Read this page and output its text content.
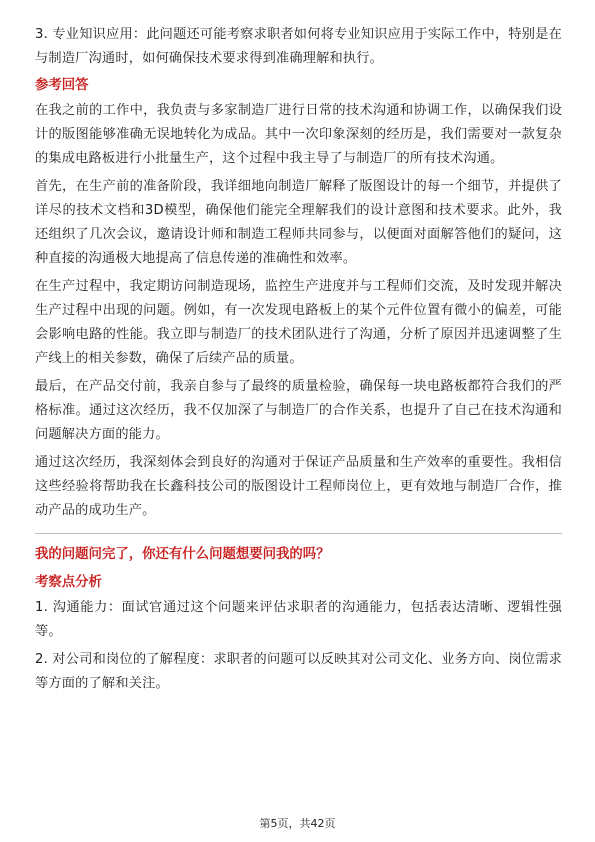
3. 专业知识应用：此问题还可能考察求职者如何将专业知识应用于实际工作中，特别是在与制造厂沟通时，如何确保技术要求得到准确理解和执行。

参考回答

在我之前的工作中，我负责与多家制造厂进行日常的技术沟通和协调工作，以确保我们设计的版图能够准确无误地转化为成品。其中一次印象深刻的经历是，我们需要对一款复杂的集成电路板进行小批量生产，这个过程中我主导了与制造厂的所有技术沟通。

首先，在生产前的准备阶段，我详细地向制造厂解释了版图设计的每一个细节，并提供了详尽的技术文档和3D模型，确保他们能完全理解我们的设计意图和技术要求。此外，我还组织了几次会议，邀请设计师和制造工程师共同参与，以便面对面解答他们的疑问，这种直接的沟通极大地提高了信息传递的准确性和效率。

在生产过程中，我定期访问制造现场，监控生产进度并与工程师们交流，及时发现并解决生产过程中出现的问题。例如，有一次发现电路板上的某个元件位置有微小的偏差，可能会影响电路的性能。我立即与制造厂的技术团队进行了沟通，分析了原因并迅速调整了生产线上的相关参数，确保了后续产品的质量。

最后，在产品交付前，我亲自参与了最终的质量检验，确保每一块电路板都符合我们的严格标准。通过这次经历，我不仅加深了与制造厂的合作关系，也提升了自己在技术沟通和问题解决方面的能力。

通过这次经历，我深刻体会到良好的沟通对于保证产品质量和生产效率的重要性。我相信这些经验将帮助我在长鑫科技公司的版图设计工程师岗位上，更有效地与制造厂合作，推动产品的成功生产。

我的问题问完了，你还有什么问题想要问我的吗？
考察点分析

1. 沟通能力：面试官通过这个问题来评估求职者的沟通能力，包括表达清晰、逻辑性强等。

2. 对公司和岗位的了解程度：求职者的问题可以反映其对公司文化、业务方向、岗位需求等方面的了解和关注。

第5页，共42页
